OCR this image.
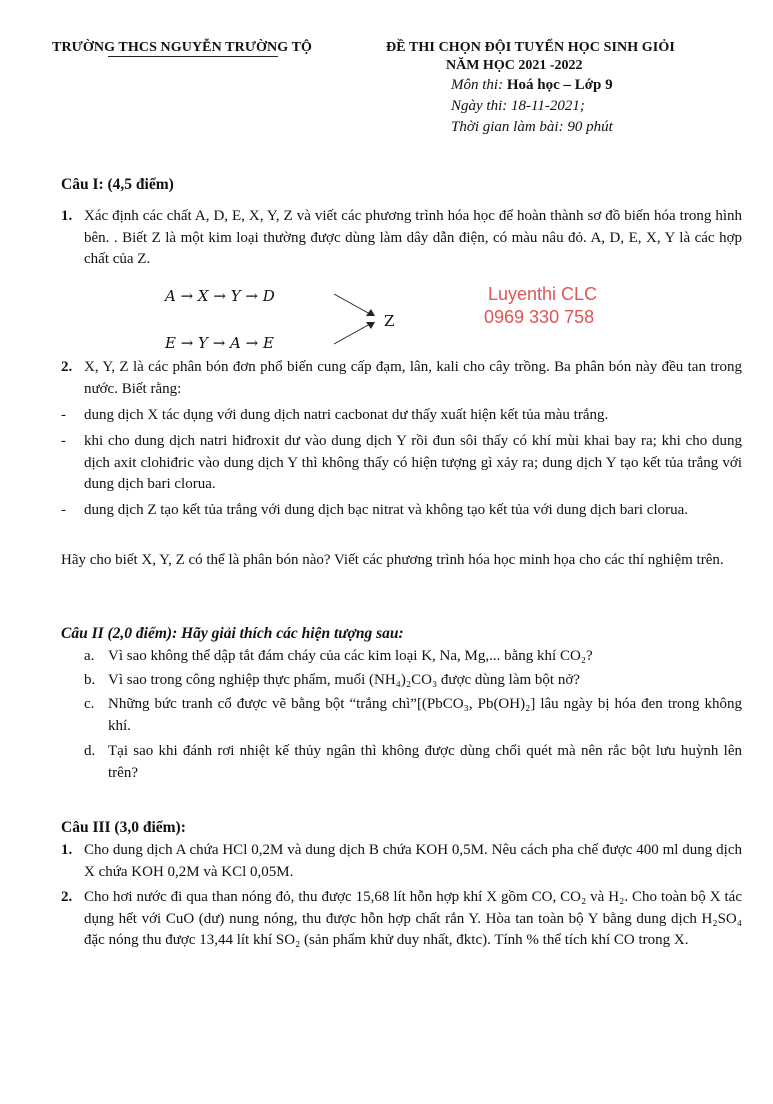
TRƯỜNG THCS NGUYỄN TRƯỜNG TỘ	ĐỀ THI CHỌN ĐỘI TUYỂN HỌC SINH GIỎI
NĂM HỌC 2021 -2022
Môn thi: Hoá học – Lớp 9
Ngày thi: 18-11-2021;
Thời gian làm bài: 90 phút
Câu I: (4,5 điểm)
1. Xác định các chất A, D, E, X, Y, Z và viết các phương trình hóa học để hoàn thành sơ đồ biến hóa trong hình bên. . Biết Z là một kim loại thường được dùng làm dây dẫn điện, có màu nâu đỏ. A, D, E, X, Y là các hợp chất của Z.
A → X → Y → D
E → Y → A → E
Z
Luyenthi CLC
0969 330 758
2. X, Y, Z là các phân bón đơn phổ biến cung cấp đạm, lân, kali cho cây trồng. Ba phân bón này đều tan trong nước. Biết rằng:
- dung dịch X tác dụng với dung dịch natri cacbonat dư thấy xuất hiện kết tủa màu trắng.
- khi cho dung dịch natri hiđroxit dư vào dung dịch Y rồi đun sôi thấy có khí mùi khai bay ra; khi cho dung dịch axit clohiđric vào dung dịch Y thì không thấy có hiện tượng gì xảy ra; dung dịch Y tạo kết tủa trắng với dung dịch bari clorua.
- dung dịch Z tạo kết tủa trắng với dung dịch bạc nitrat và không tạo kết tủa với dung dịch bari clorua.
Hãy cho biết X, Y, Z có thể là phân bón nào? Viết các phương trình hóa học minh họa cho các thí nghiệm trên.
Câu II (2,0 điểm): Hãy giải thích các hiện tượng sau:
a. Vì sao không thể dập tắt đám cháy của các kim loại K, Na, Mg,... bằng khí CO₂?
b. Vì sao trong công nghiệp thực phẩm, muối (NH₄)₂CO₃ được dùng làm bột nở?
c. Những bức tranh cổ được vẽ bằng bột “trắng chì”[(PbCO₃, Pb(OH)₂] lâu ngày bị hóa đen trong không khí.
d. Tại sao khi đánh rơi nhiệt kế thủy ngân thì không được dùng chổi quét mà nên rắc bột lưu huỳnh lên trên?
Câu III (3,0 điểm):
1. Cho dung dịch A chứa HCl 0,2M và dung dịch B chứa KOH 0,5M. Nêu cách pha chế được 400 ml dung dịch X chứa KOH 0,2M và KCl 0,05M.
2. Cho hơi nước đi qua than nóng đỏ, thu được 15,68 lít hỗn hợp khí X gồm CO, CO₂ và H₂. Cho toàn bộ X tác dụng hết với CuO (dư) nung nóng, thu được hỗn hợp chất rắn Y. Hòa tan toàn bộ Y bằng dung dịch H₂SO₄ đặc nóng thu được 13,44 lít khí SO₂ (sản phẩm khử duy nhất, đktc). Tính % thể tích khí CO trong X.
